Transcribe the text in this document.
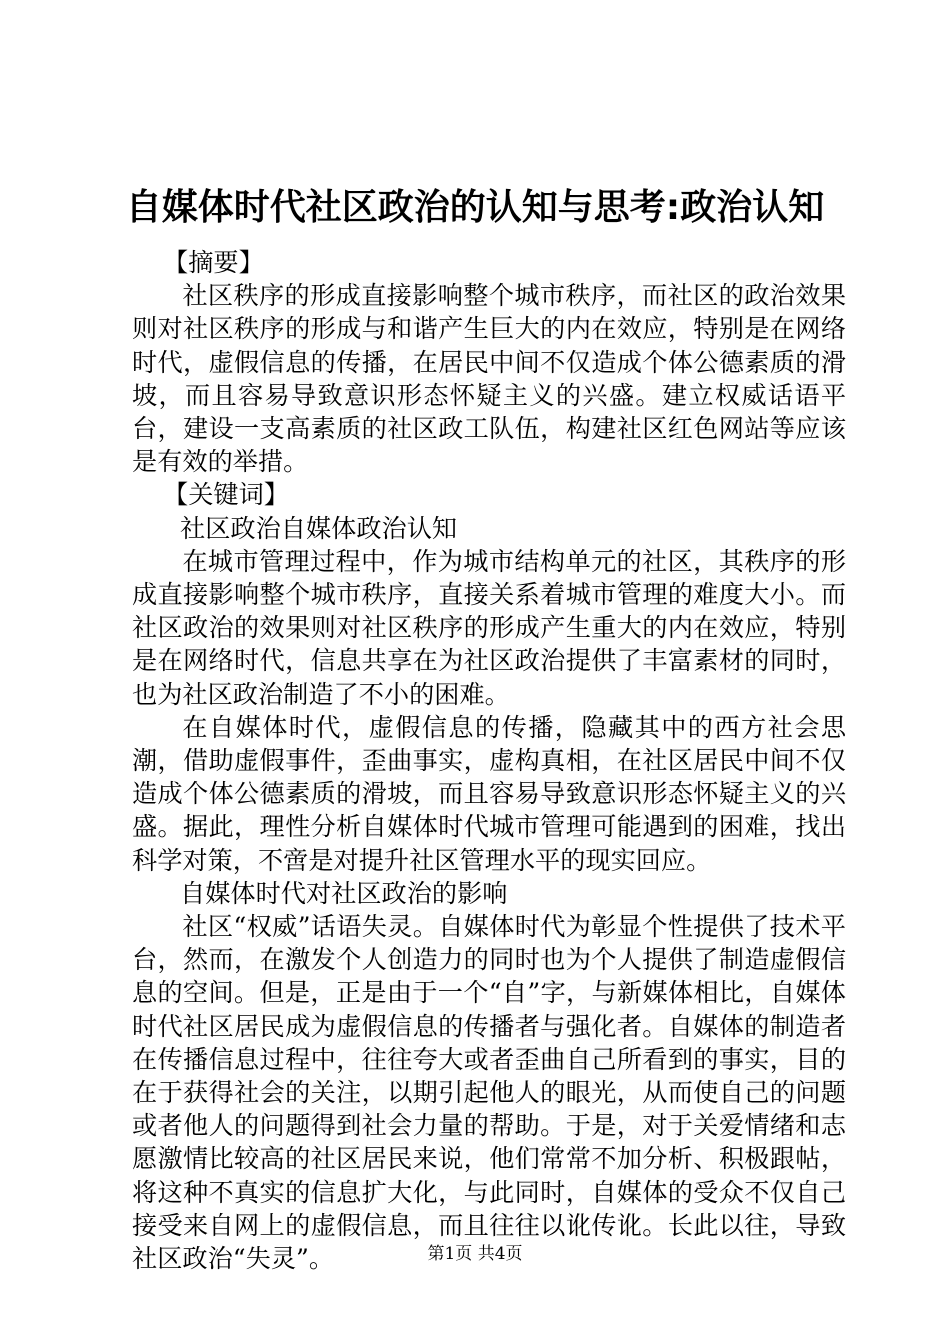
自媒体时代社区政治的认知与思考:政治认知

【摘要】

社区秩序的形成直接影响整个城市秩序，而社区的政治效果则对社区秩序的形成与和谐产生巨大的内在效应，特别是在网络时代，虚假信息的传播，在居民中间不仅造成个体公德素质的滑坡，而且容易导致意识形态怀疑主义的兴盛。建立权威话语平台，建设一支高素质的社区政工队伍，构建社区红色网站等应该是有效的举措。

【关键词】

社区政治自媒体政治认知

在城市管理过程中，作为城市结构单元的社区，其秩序的形成直接影响整个城市秩序，直接关系着城市管理的难度大小。而社区政治的效果则对社区秩序的形成产生重大的内在效应，特别是在网络时代，信息共享在为社区政治提供了丰富素材的同时，也为社区政治制造了不小的困难。

在自媒体时代，虚假信息的传播，隐藏其中的西方社会思潮，借助虚假事件，歪曲事实，虚构真相，在社区居民中间不仅造成个体公德素质的滑坡，而且容易导致意识形态怀疑主义的兴盛。据此，理性分析自媒体时代城市管理可能遇到的困难，找出科学对策，不啻是对提升社区管理水平的现实回应。

自媒体时代对社区政治的影响

社区“权威”话语失灵。自媒体时代为彰显个性提供了技术平台，然而，在激发个人创造力的同时也为个人提供了制造虚假信息的空间。但是，正是由于一个“自”字，与新媒体相比，自媒体时代社区居民成为虚假信息的传播者与强化者。自媒体的制造者在传播信息过程中，往往夸大或者歪曲自己所看到的事实，目的在于获得社会的关注，以期引起他人的眼光，从而使自己的问题或者他人的问题得到社会力量的帮助。于是，对于关爱情绪和志愿激情比较高的社区居民来说，他们常常不加分析、积极跟帖，将这种不真实的信息扩大化，与此同时，自媒体的受众不仅自己接受来自网上的虚假信息，而且往往以讹传讹。长此以往，导致社区政治“失灵”。	第1页 共4页
